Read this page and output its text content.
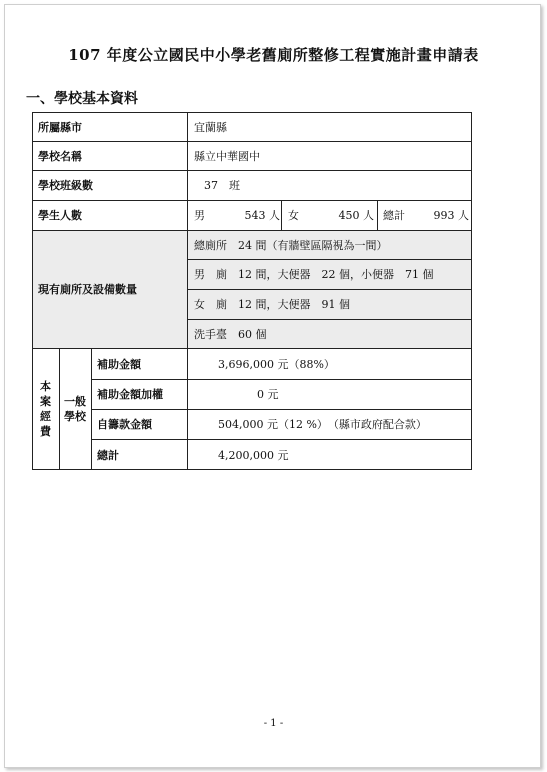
107 年度公立國民中小學老舊廁所整修工程實施計畫申請表
一、學校基本資料
所屬縣市	宜蘭縣
學校名稱	縣立中華國中
學校班級數	37　班
學生人數	男	543 人 女	450 人 總計	993 人
現有廁所及設備數量
總廁所　24 間（有牆壁區隔視為一間）
男　廁　12 間，大便器　22 個，小便器　71 個
女　廁　12 間，大便器　91 個
洗手臺　60 個
本
案
經
費
一般
學校
補助金額	3,696,000 元（88%）
補助金額加權	0 元
自籌款金額	504,000 元（12 %）　（縣市政府配合款）
總計	4,200,000 元
- 1 -
